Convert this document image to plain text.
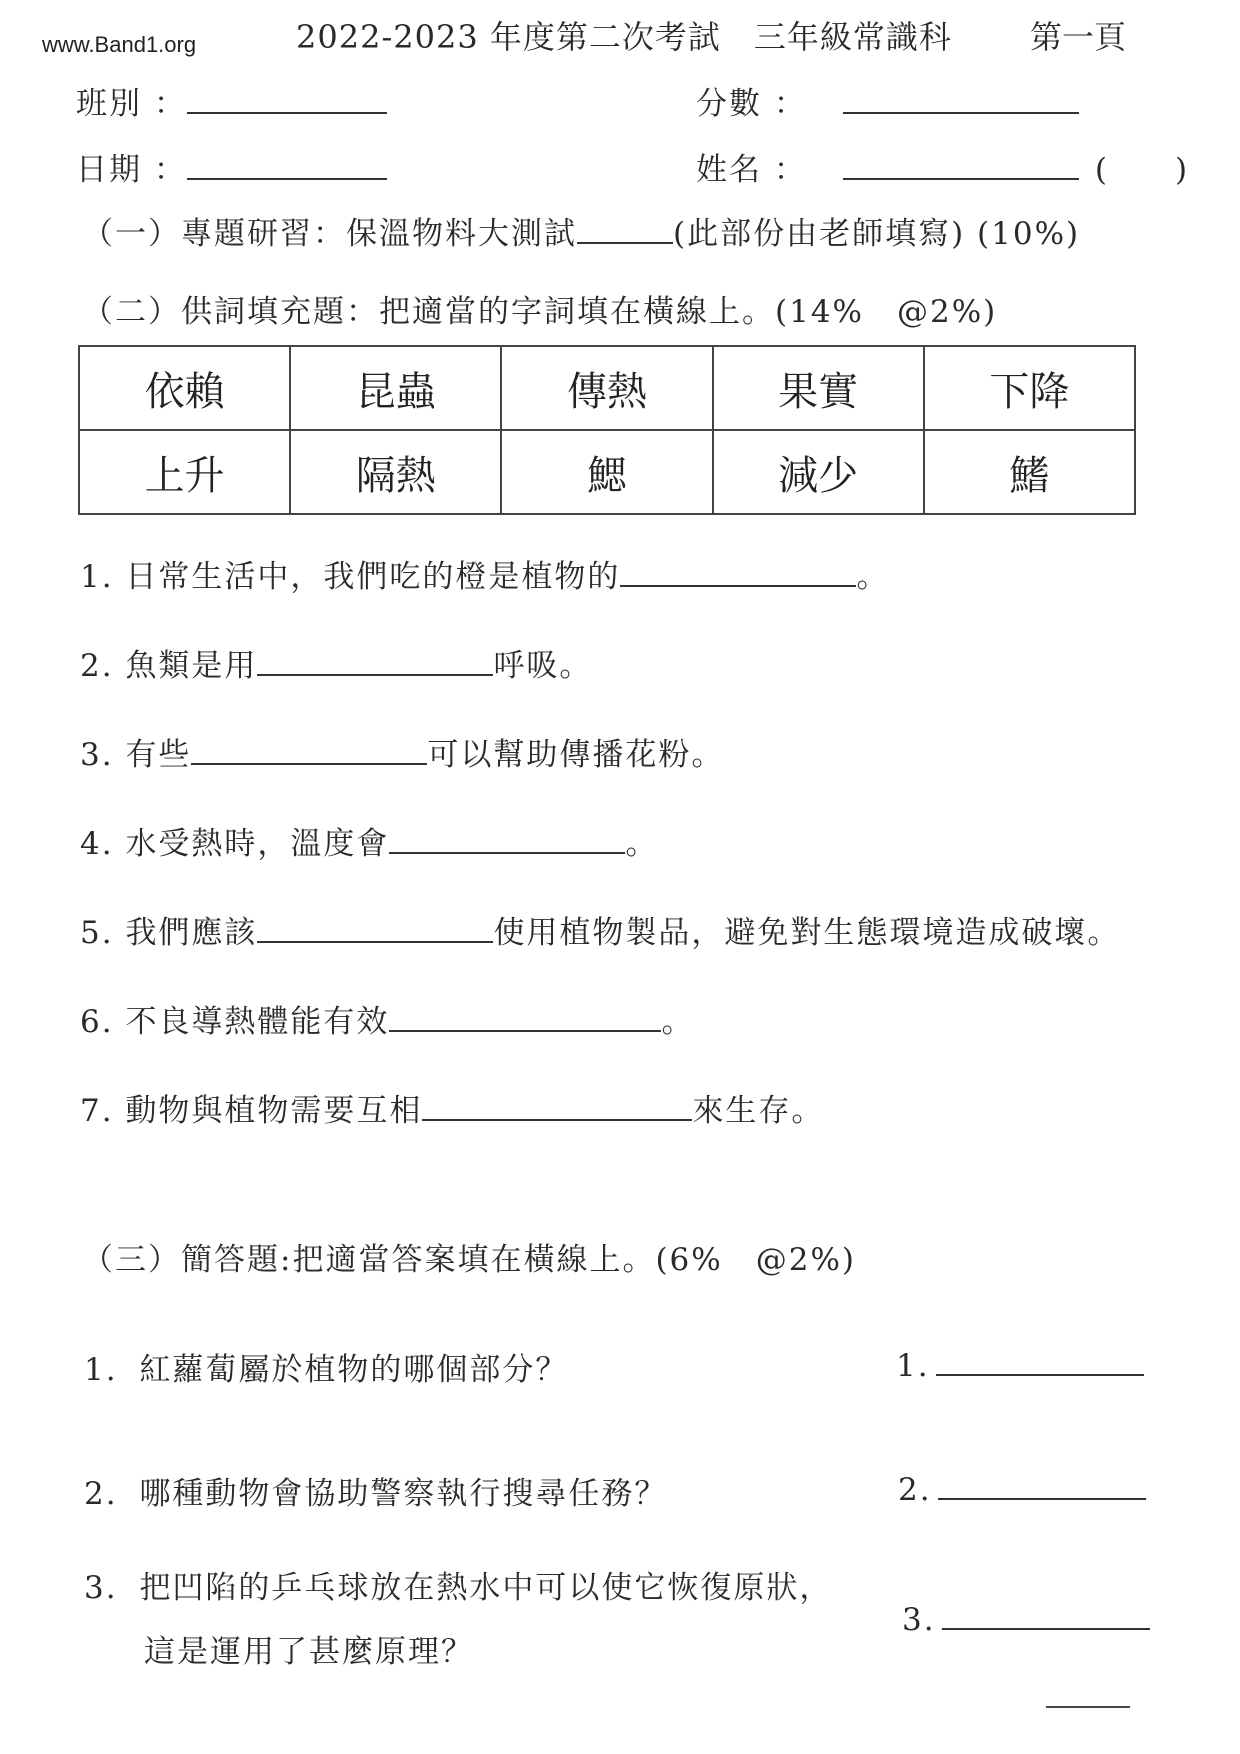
www.Band1.org	2022-2023 年度第二次考試　三年級常識科 第一頁
班別 ：	分數 ：
日期 ：	姓名 ：	(　　)
（一）專題研習：保溫物料大測試	(此部份由老師填寫) (10%)
（二）供詞填充題：把適當的字詞填在橫線上。(14%　@2%)
依賴	昆蟲	傳熱	果實	下降
上升	隔熱	鰓	減少	鰭
1. 日常生活中，我們吃的橙是植物的	。
2. 魚類是用	呼吸。
3. 有些	可以幫助傳播花粉。
4. 水受熱時，溫度會	。
5. 我們應該	使用植物製品，避免對生態環境造成破壞。
6. 不良導熱體能有效	。
7. 動物與植物需要互相	來生存。
（三）簡答題:把適當答案填在橫線上。(6%　@2%)
1. 紅蘿蔔屬於植物的哪個部分？	1.
2. 哪種動物會協助警察執行搜尋任務？	2.
3. 把凹陷的乒乓球放在熱水中可以使它恢復原狀，
這是運用了甚麼原理？
3.
